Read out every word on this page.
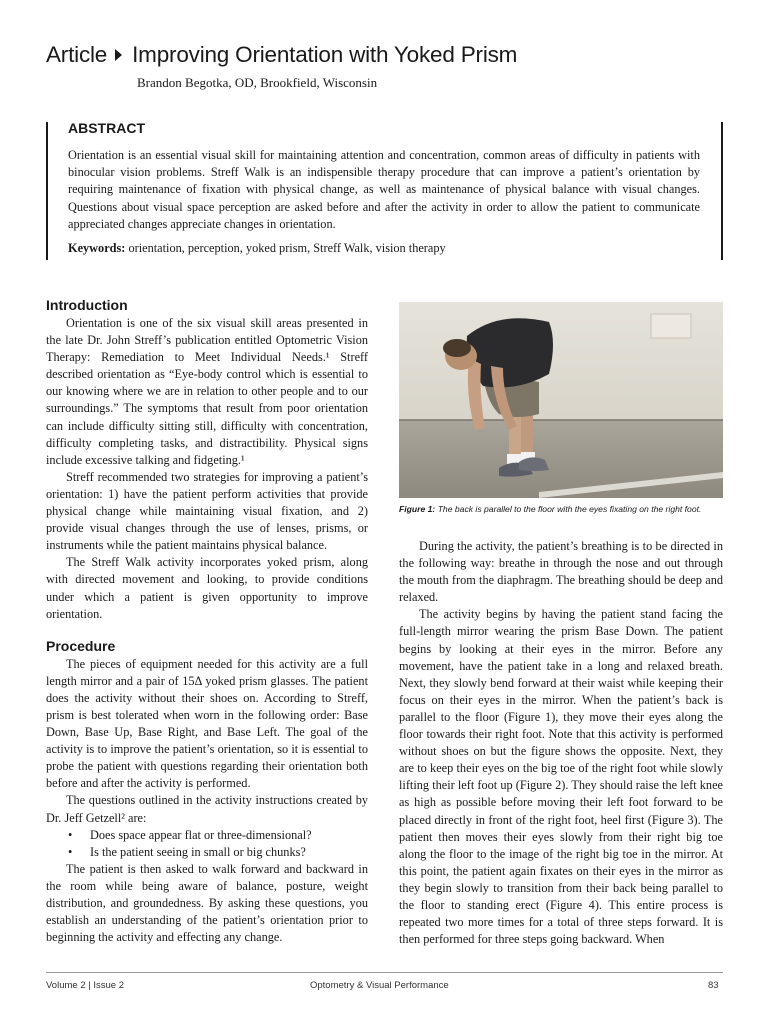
Article Improving Orientation with Yoked Prism
Brandon Begotka, OD, Brookfield, Wisconsin
ABSTRACT
Orientation is an essential visual skill for maintaining attention and concentration, common areas of difficulty in patients with binocular vision problems. Streff Walk is an indispensible therapy procedure that can improve a patient’s orientation by requiring maintenance of fixation with physical change, as well as maintenance of physical balance with visual changes. Questions about visual space perception are asked before and after the activity in order to allow the patient to communicate appreciated changes appreciate changes in orientation.
Keywords: orientation, perception, yoked prism, Streff Walk, vision therapy
Introduction

Orientation is one of the six visual skill areas presented in the late Dr. John Streff’s publication entitled Optometric Vision Therapy: Remediation to Meet Individual Needs.¹ Streff described orientation as “Eye-body control which is essential to our knowing where we are in relation to other people and to our surroundings.” The symptoms that result from poor orientation can include difficulty sitting still, difficulty with concentration, difficulty completing tasks, and distractibility. Physical signs include excessive talking and fidgeting.¹

Streff recommended two strategies for improving a patient’s orientation: 1) have the patient perform activities that provide physical change while maintaining visual fixation, and 2) provide visual changes through the use of lenses, prisms, or instruments while the patient maintains physical balance.

The Streff Walk activity incorporates yoked prism, along with directed movement and looking, to provide conditions under which a patient is given opportunity to improve orientation.

Procedure

The pieces of equipment needed for this activity are a full length mirror and a pair of 15Δ yoked prism glasses. The patient does the activity without their shoes on. According to Streff, prism is best tolerated when worn in the following order: Base Down, Base Up, Base Right, and Base Left. The goal of the activity is to improve the patient’s orientation, so it is essential to probe the patient with questions regarding their orientation both before and after the activity is performed.

The questions outlined in the activity instructions created by Dr. Jeff Getzell² are:

• Does space appear flat or three-dimensional?
• Is the patient seeing in small or big chunks?

The patient is then asked to walk forward and backward in the room while being aware of balance, posture, weight distribution, and groundedness. By asking these questions, you establish an understanding of the patient’s orientation prior to beginning the activity and effecting any change.

Figure 1: The back is parallel to the floor with the eyes fixating on the right foot.

During the activity, the patient’s breathing is to be directed in the following way: breathe in through the nose and out through the mouth from the diaphragm. The breathing should be deep and relaxed.

The activity begins by having the patient stand facing the full-length mirror wearing the prism Base Down. The patient begins by looking at their eyes in the mirror. Before any movement, have the patient take in a long and relaxed breath. Next, they slowly bend forward at their waist while keeping their focus on their eyes in the mirror. When the patient’s back is parallel to the floor (Figure 1), they move their eyes along the floor towards their right foot. Note that this activity is performed without shoes on but the figure shows the opposite. Next, they are to keep their eyes on the big toe of the right foot while slowly lifting their left foot up (Figure 2). They should raise the left knee as high as possible before moving their left foot forward to be placed directly in front of the right foot, heel first (Figure 3). The patient then moves their eyes slowly from their right big toe along the floor to the image of the right big toe in the mirror. At this point, the patient again fixates on their eyes in the mirror as they begin slowly to transition from their back being parallel to the floor to standing erect (Figure 4). This entire process is repeated two more times for a total of three steps forward. It is then performed for three steps going backward. When

Volume 2 | Issue 2	Optometry & Visual Performance	83
